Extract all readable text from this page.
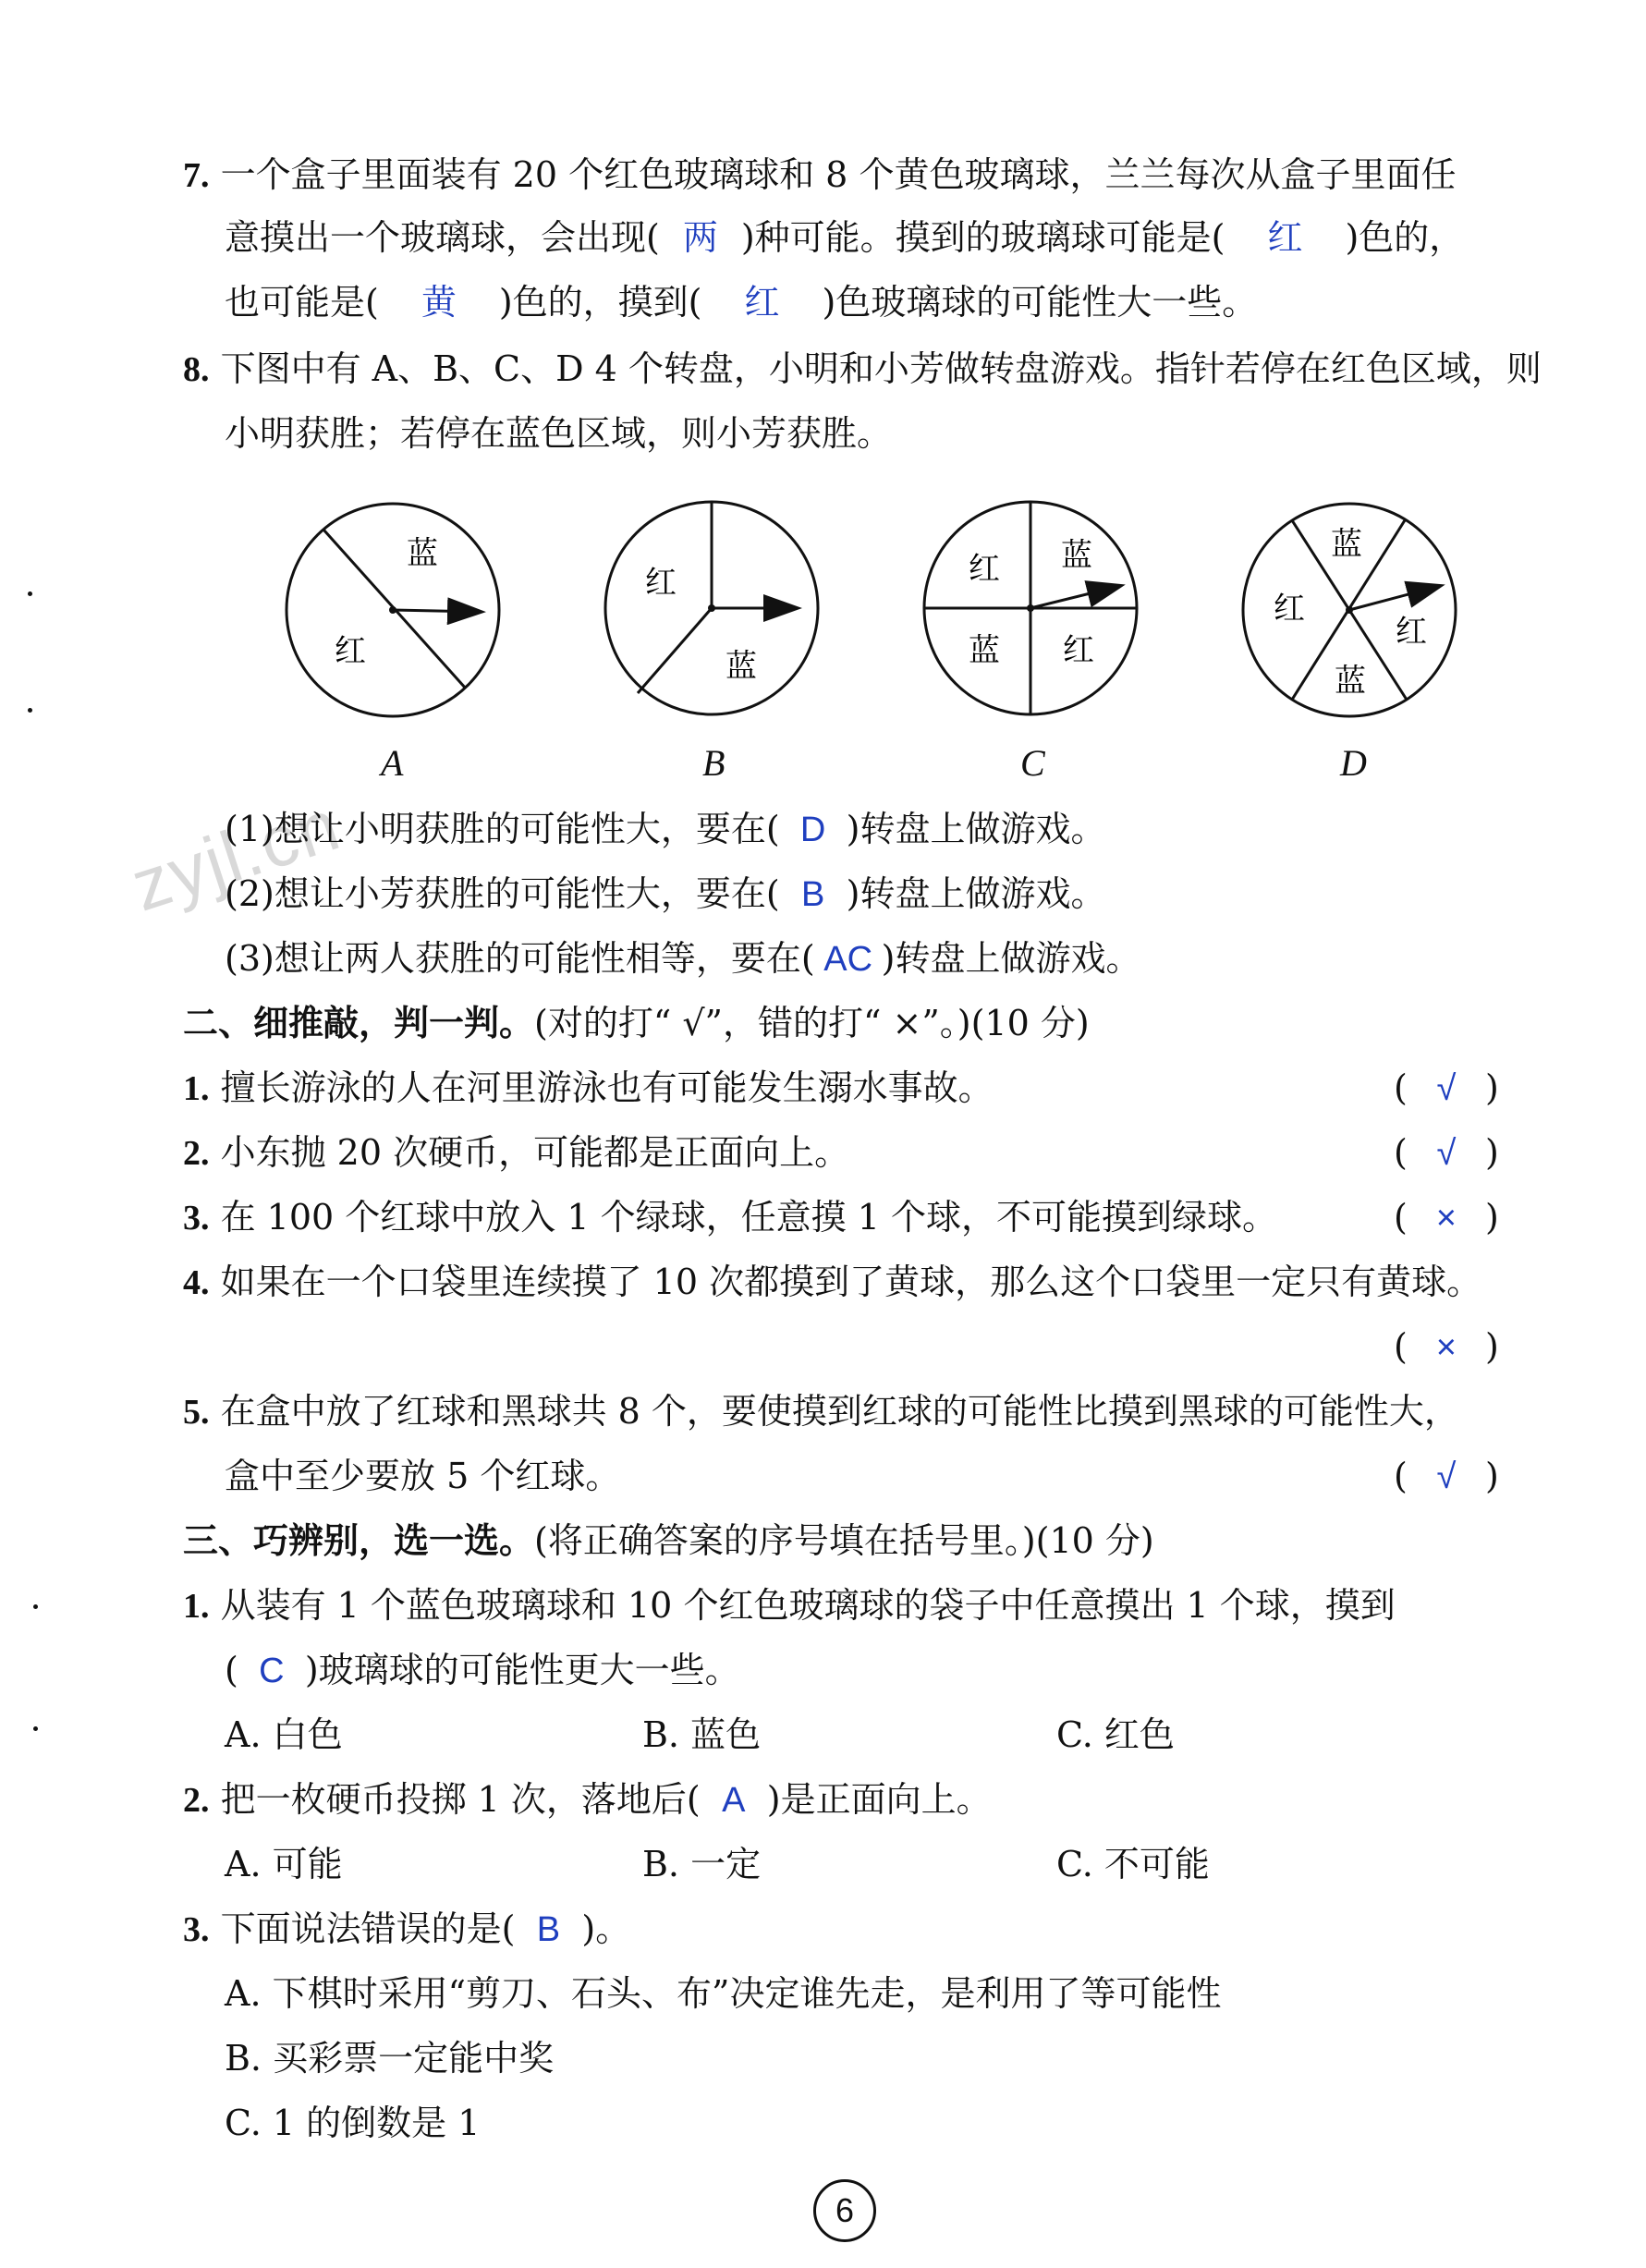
7. 一个盒子里面装有 20 个红色玻璃球和 8 个黄色玻璃球，兰兰每次从盒子里面任
意摸出一个玻璃球，会出现( 两 )种可能。摸到的玻璃球可能是( 红 )色的，
也可能是( 黄 )色的，摸到( 红 )色玻璃球的可能性大一些。
8. 下图中有 A、B、C、D 4 个转盘，小明和小芳做转盘游戏。指针若停在红色区域，则
小明获胜；若停在蓝色区域，则小芳获胜。
蓝
红
红
蓝
红 蓝
蓝 红
蓝
红
红
蓝
A	B	C	D
zyjl.cn
(1)想让小明获胜的可能性大，要在( D )转盘上做游戏。
(2)想让小芳获胜的可能性大，要在( B )转盘上做游戏。
(3)想让两人获胜的可能性相等，要在( AC )转盘上做游戏。
二、细推敲，判一判。(对的打“ √”，错的打“ ×”。)(10 分)
1. 擅长游泳的人在河里游泳也有可能发生溺水事故。	( √ )
2. 小东抛 20 次硬币，可能都是正面向上。	( √ )
3. 在 100 个红球中放入 1 个绿球，任意摸 1 个球，不可能摸到绿球。	( × )
4. 如果在一个口袋里连续摸了 10 次都摸到了黄球，那么这个口袋里一定只有黄球。
( × )
5. 在盒中放了红球和黑球共 8 个，要使摸到红球的可能性比摸到黑球的可能性大，
盒中至少要放 5 个红球。	( √ )
三、巧辨别，选一选。(将正确答案的序号填在括号里。)(10 分)
1. 从装有 1 个蓝色玻璃球和 10 个红色玻璃球的袋子中任意摸出 1 个球，摸到
( C )玻璃球的可能性更大一些。
A. 白色	B. 蓝色	C. 红色
2. 把一枚硬币投掷 1 次，落地后( A )是正面向上。
A. 可能	B. 一定	C. 不可能
3. 下面说法错误的是( B )。
A. 下棋时采用“剪刀、石头、布”决定谁先走，是利用了等可能性
B. 买彩票一定能中奖
C. 1 的倒数是 1
6
